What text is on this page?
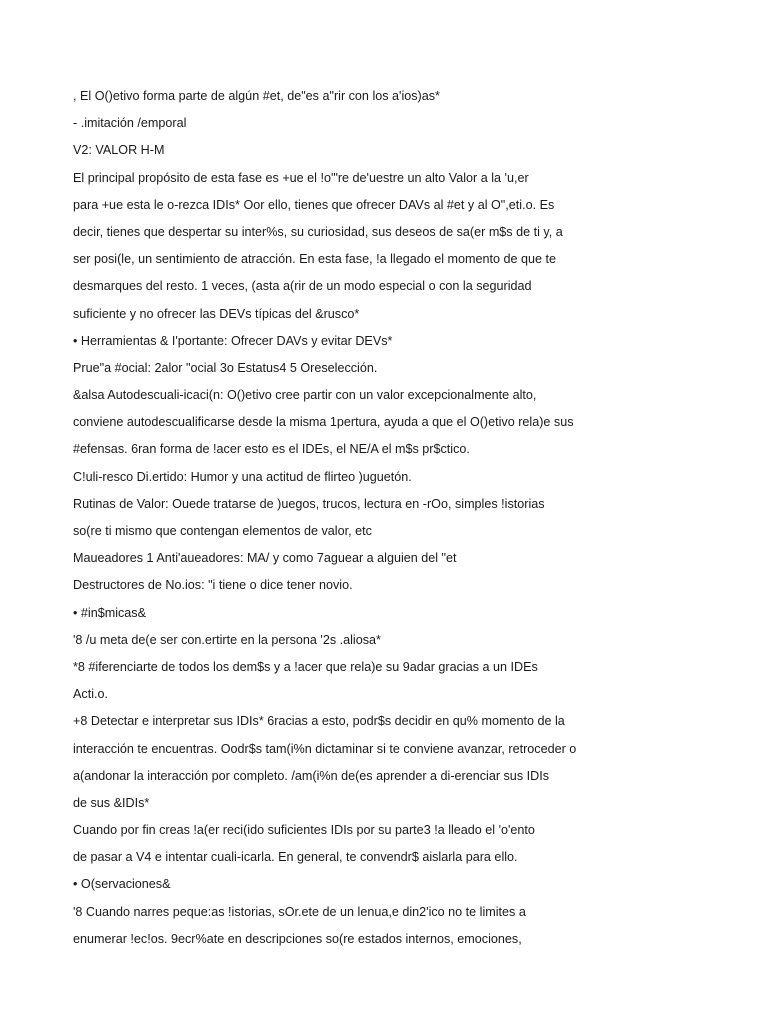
, El O()etivo forma parte de algún #et, de"es a"rir con los a'ios)as*
- .imitación /emporal
V2: VALOR H-M
El principal propósito de esta fase es +ue el !o'"re de'uestre un alto Valor a la 'u,er
para +ue esta le o-rezca IDIs* Oor ello, tienes que ofrecer DAVs al #et y al O",eti.o. Es
decir, tienes que despertar su inter%s, su curiosidad, sus deseos de sa(er m$s de ti y, a
ser posi(le, un sentimiento de atracción. En esta fase, !a llegado el momento de que te
desmarques del resto. 1 veces, (asta a(rir de un modo especial o con la seguridad
suficiente y no ofrecer las DEVs típicas del &rusco*
• Herramientas & I'portante: Ofrecer DAVs y evitar DEVs*
Prue"a #ocial: 2alor "ocial 3o Estatus4 5 Oreselección.
&alsa Autodescuali-icaci(n: O()etivo cree partir con un valor excepcionalmente alto,
conviene autodescualificarse desde la misma 1pertura, ayuda a que el O()etivo rela)e sus
#efensas. 6ran forma de !acer esto es el IDEs, el NE/A el m$s pr$ctico.
C!uli-resco Di.ertido: Humor y una actitud de flirteo )uguetón.
Rutinas de Valor: Ouede tratarse de )uegos, trucos, lectura en -rOo, simples !istorias
so(re ti mismo que contengan elementos de valor, etc
Maueadores 1 Anti'aueadores: MA/ y como 7aguear a alguien del "et
Destructores de No.ios: "i tiene o dice tener novio.
• #in$micas&
'8 /u meta de(e ser con.ertirte en la persona '2s .aliosa*
*8 #iferenciarte de todos los dem$s y a !acer que rela)e su 9adar gracias a un IDEs
Acti.o.
+8 Detectar e interpretar sus IDIs* 6racias a esto, podr$s decidir en qu% momento de la
interacción te encuentras. Oodr$s tam(i%n dictaminar si te conviene avanzar, retroceder o
a(andonar la interacción por completo. /am(i%n de(es aprender a di-erenciar sus IDIs
de sus &IDIs*
Cuando por fin creas !a(er reci(ido suficientes IDIs por su parte3 !a lleado el 'o'ento
de pasar a V4 e intentar cuali-icarla. En general, te convendr$ aislarla para ello.
• O(servaciones&
'8 Cuando narres peque:as !istorias, sOr.ete de un lenua,e din2'ico no te limites a
enumerar !ec!os. 9ecr%ate en descripciones so(re estados internos, emociones,
